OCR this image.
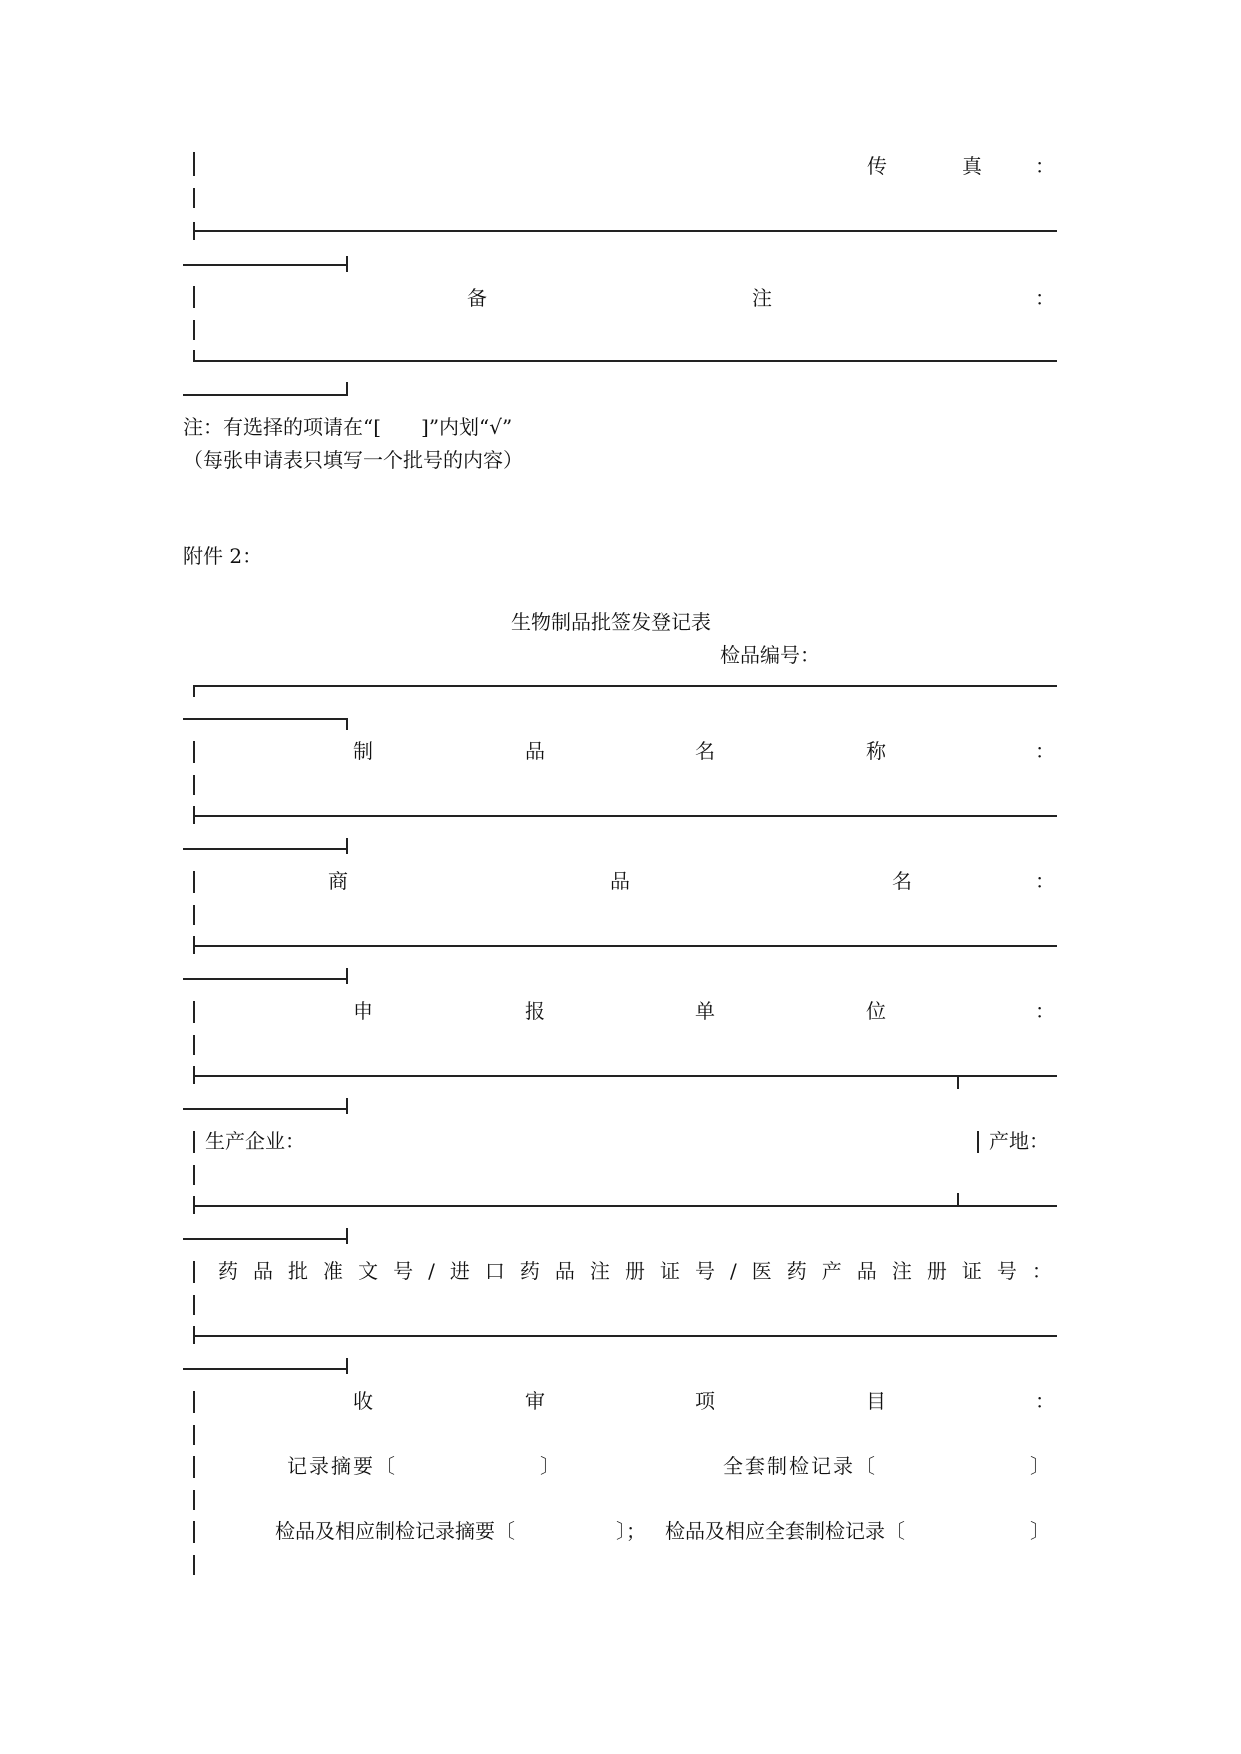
传	真	：
备	注	：
注：有选择的项请在“[　　]”内划“√”
（每张申请表只填写一个批号的内容）
附件 2：
生物制品批签发登记表
检品编号：
制	品	名	称	：
商	品	名	：
申	报	单	位	：
生产企业：	产地：
药 品 批 准 文 号 / 进 口 药 品 注 册 证 号 / 医 药 产 品 注 册 证 号 ：
收	审	项	目	：
记录摘要〔	〕	全套制检记录〔	〕
检品及相应制检记录摘要〔	〕； 检品及相应全套制检记录〔	〕
